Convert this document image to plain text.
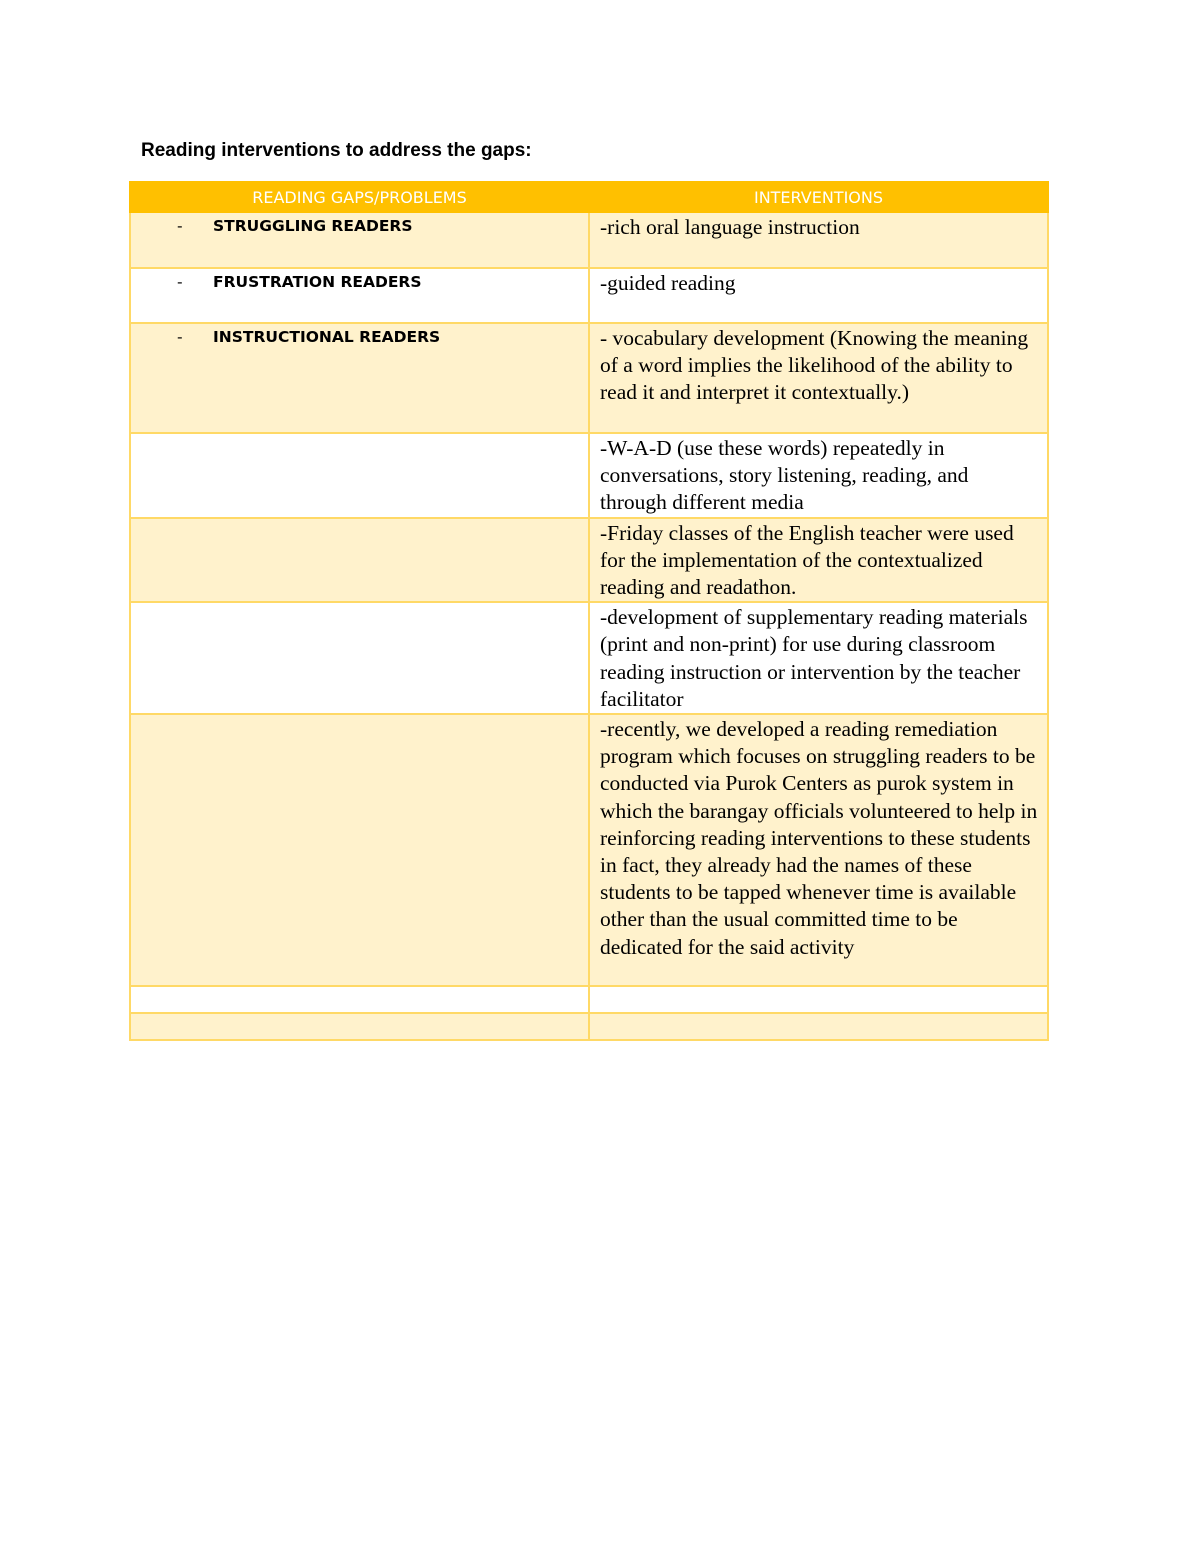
Reading interventions to address the gaps:

READING GAPS/PROBLEMS	INTERVENTIONS

- STRUGGLING READERS	-rich oral language instruction

- FRUSTRATION READERS	-guided reading

- INSTRUCTIONAL READERS	- vocabulary development (Knowing the meaning of a word implies the likelihood of the ability to read it and interpret it contextually.)

	-W-A-D (use these words) repeatedly in conversations, story listening, reading, and through different media

	-Friday classes of the English teacher were used for the implementation of the contextualized reading and readathon.

	-development of supplementary reading materials (print and non-print) for use during classroom reading instruction or intervention by the teacher facilitator

	-recently, we developed a reading remediation program which focuses on struggling readers to be conducted via Purok Centers as purok system in which the barangay officials volunteered to help in reinforcing reading interventions to these students in fact, they already had the names of these students to be tapped whenever time is available other than the usual committed time to be dedicated for the said activity
